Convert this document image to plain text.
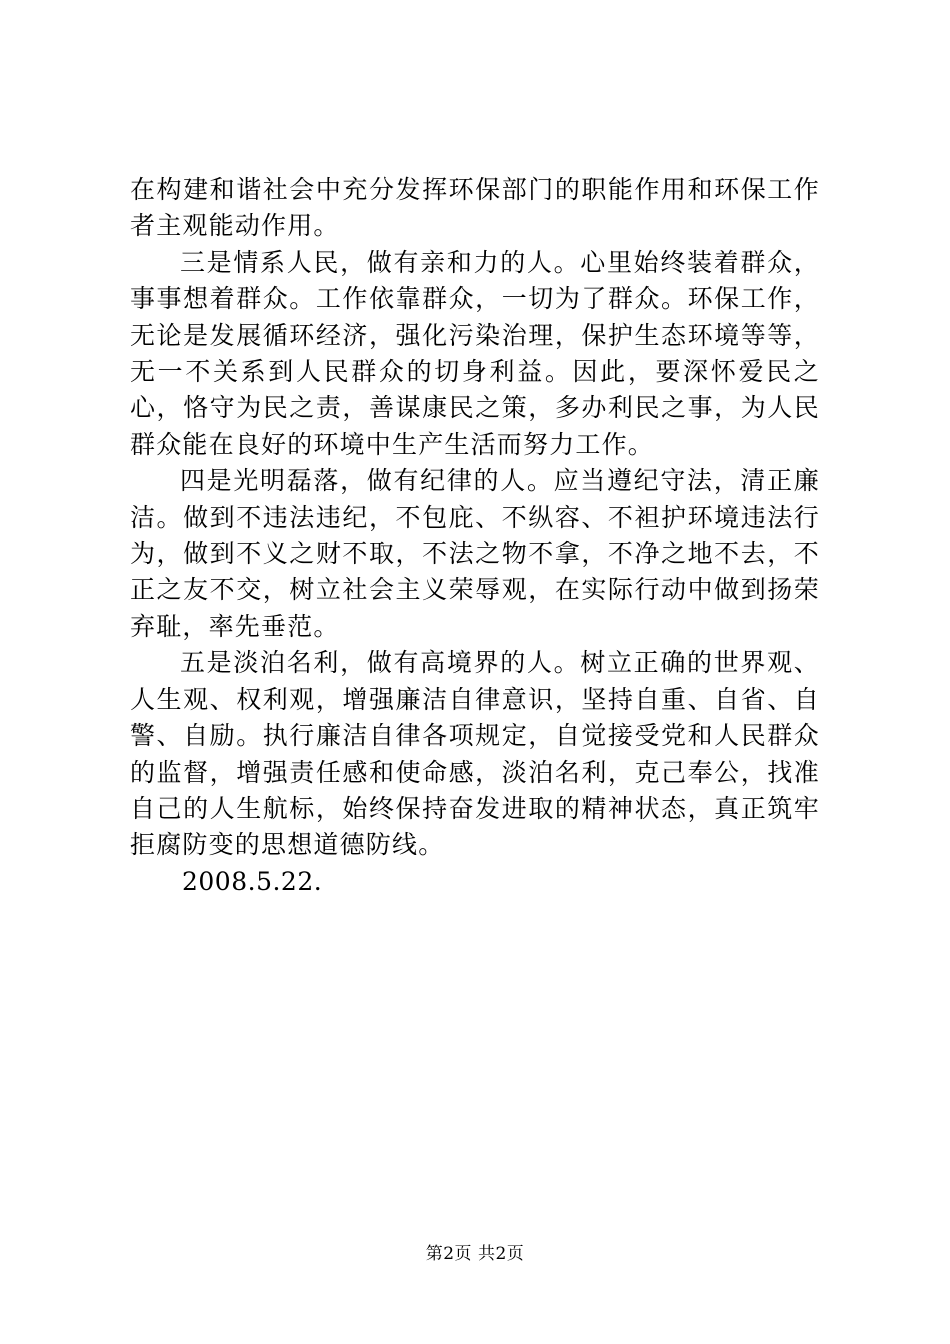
在构建和谐社会中充分发挥环保部门的职能作用和环保工作者主观能动作用。

三是情系人民，做有亲和力的人。心里始终装着群众，事事想着群众。工作依靠群众，一切为了群众。环保工作，无论是发展循环经济，强化污染治理，保护生态环境等等，无一不关系到人民群众的切身利益。因此，要深怀爱民之心，恪守为民之责，善谋康民之策，多办利民之事，为人民群众能在良好的环境中生产生活而努力工作。

四是光明磊落，做有纪律的人。应当遵纪守法，清正廉洁。做到不违法违纪，不包庇、不纵容、不袒护环境违法行为，做到不义之财不取，不法之物不拿，不净之地不去，不正之友不交，树立社会主义荣辱观，在实际行动中做到扬荣弃耻，率先垂范。

五是淡泊名利，做有高境界的人。树立正确的世界观、人生观、权利观，增强廉洁自律意识，坚持自重、自省、自警、自励。执行廉洁自律各项规定，自觉接受党和人民群众的监督，增强责任感和使命感，淡泊名利，克己奉公，找准自己的人生航标，始终保持奋发进取的精神状态，真正筑牢拒腐防变的思想道德防线。

2008.5.22.

第2页 共2页
